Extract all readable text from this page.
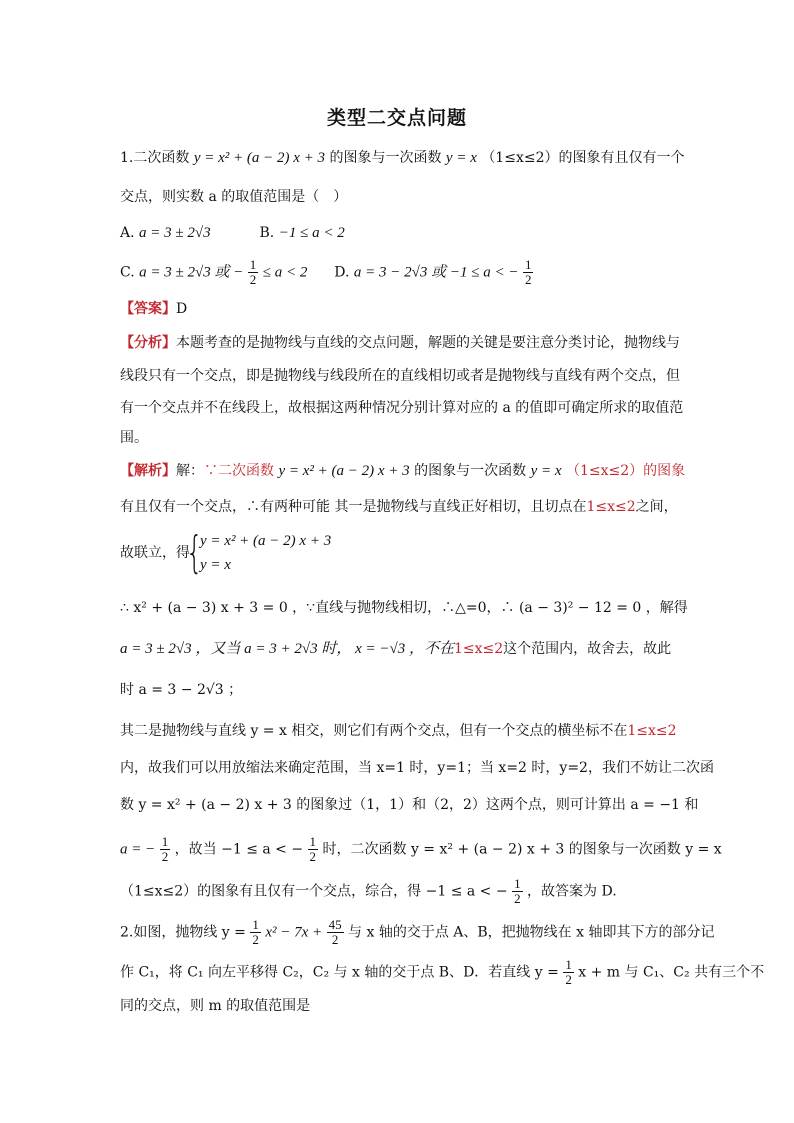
类型二交点问题
1.二次函数 y = x² + (a − 2) x + 3 的图象与一次函数 y = x （1≤x≤2）的图象有且仅有一个
交点，则实数 a 的取值范围是（　）
A. a = 3 ± 2√3	B. −1 ≤ a < 2
C. a = 3 ± 2√3 或 − $\frac{1}{2} \le a < 2$ D. a = 3 − 2√3 或 −1 ≤ a < − $\frac{1}{2}$
【答案】D
【分析】本题考查的是抛物线与直线的交点问题，解题的关键是要注意分类讨论，抛物线与
线段只有一个交点，即是抛物线与线段所在的直线相切或者是抛物线与直线有两个交点，但
有一个交点并不在线段上，故根据这两种情况分别计算对应的 a 的值即可确定所求的取值范
围。
【解析】解：∵二次函数 y = x² + (a − 2) x + 3 的图象与一次函数 y = x （1≤x≤2）的图象
有且仅有一个交点，∴有两种可能 其一是抛物线与直线正好相切，且切点在1≤x≤2之间，
故联立，得
{
y = x² + (a − 2) x + 3
y = x
∴ x² + (a − 3) x + 3 = 0 ，∵直线与抛物线相切，∴△=0，∴ (a − 3)² − 12 = 0 ，解得
a = 3 ± 2√3 ，又当 a = 3 + 2√3 时， x = −√3 ，不在1≤x≤2这个范围内，故舍去，故此
时 a = 3 − 2√3 ；
其二是抛物线与直线 y = x 相交，则它们有两个交点，但有一个交点的横坐标不在1≤x≤2
内，故我们可以用放缩法来确定范围，当 x=1 时，y=1；当 x=2 时，y=2，我们不妨让二次函
数 y = x² + (a − 2) x + 3 的图象过（1，1）和（2，2）这两个点，则可计算出 a = −1 和
a = − $\frac{1}{2}$ ，故当 −1 ≤ a < − $\frac{1}{2}$ 时，二次函数 y = x² + (a − 2) x + 3 的图象与一次函数 y = x
（1≤x≤2）的图象有且仅有一个交点，综合，得 −1 ≤ a < − $\frac{1}{2}$ ，故答案为 D.
2.如图，抛物线 $y = \frac{1}{2} x^2 - 7x + \frac{45}{2}$ 与 x 轴的交于点 A、B，把抛物线在 x 轴即其下方的部分记
作 C₁，将 C₁ 向左平移得 C₂，C₂ 与 x 轴的交于点 B、D．若直线 $y = \frac{1}{2}$ x + m 与 C₁、C₂ 共有三个不
同的交点，则 m 的取值范围是
